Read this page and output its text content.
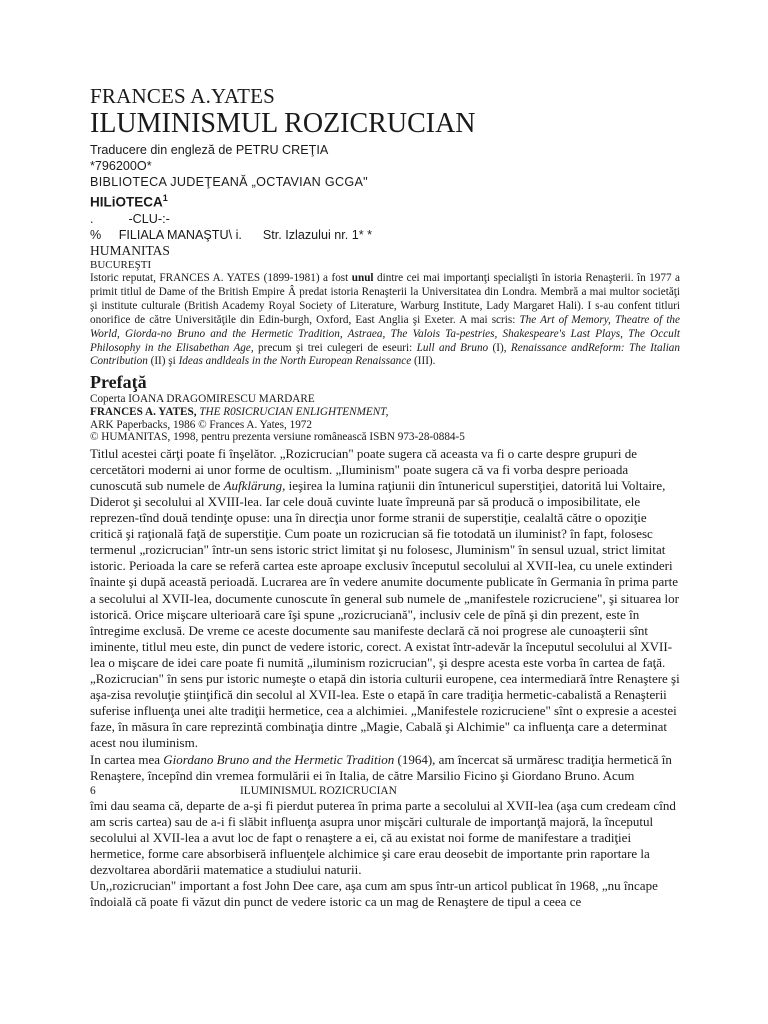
FRANCES A.YATES
ILUMINISMUL ROZICRUCIAN
Traducere din engleză de PETRU CREŢIA
*796200O*
BIBLIOTECA JUDEŢEANĂ „OCTAVIAN GCGA"
HILiOTECA$^1$
.          -CLU-:-
%     FILIALA MANAŞTU\ i.      Str. Izlazului nr. 1* *
HUMANITAS
BUCUREŞTI
Istoric reputat, FRANCES A. YATES (1899-1981) a fost unul dintre cei mai importanţi specialişti în istoria Renaşterii. în 1977 a primit titlul de Dame of the British Empire Â predat istoria Renaşterii la Universitatea din Londra. Membră a mai multor societăţi şi institute culturale (British Academy Royal Society of Literature, Warburg Institute, Lady Margaret Hali). I s-au confent titluri onorifice de către Universităţile din Edin-burgh, Oxford, East Anglia şi Exeter. A mai scris: The Art of Memory, Theatre of the World, Giorda-no Bruno and the Hermetic Tradition, Astraea, The Valois Ta-pestries, Shakespeare's Last Plays, The Occult Philosophy in the Elisabethan Age, precum şi trei culegeri de eseuri: Lull and Bruno (I), Renaissance andReform: The Italian Contribution (II) şi Ideas andldeals in the North European Renaissance (III).
Prefaţă
Coperta IOANA DRAGOMIRESCU MARDARE
FRANCES A. YATES, THE R0SICRUCIAN ENLIGHTENMENT,
ARK Paperbacks, 1986 © Frances A. Yates, 1972
© HUMANITAS, 1998, pentru prezenta versiune românească ISBN 973-28-0884-5

Titlul acestei cărţi poate fi înşelător. „Rozicrucian" poate sugera că aceasta va fi o carte despre grupuri de cercetători moderni ai unor forme de ocultism. „Iluminism" poate sugera că va fi vorba despre perioada cunoscută sub numele de Aufklärung, ieşirea la lumina raţiunii din întunericul superstiţiei, datorită lui Voltaire, Diderot şi secolului al XVIII-lea. Iar cele două cuvinte luate împreună par să producă o imposibilitate, ele reprezen-tînd două tendinţe opuse: una în direcţia unor forme stranii de superstiţie, cealaltă către o opoziţie critică şi raţională faţă de superstiţie. Cum poate un rozicrucian să fie totodată un iluminist? în fapt, folosesc termenul „rozicrucian" într-un sens istoric strict limitat şi nu folosesc, Jluminism" în sensul uzual, strict limitat istoric. Perioada la care se referă cartea este aproape exclusiv începutul secolului al XVII-lea, cu unele extinderi înainte şi după această perioadă. Lucrarea are în vedere anumite documente publicate în Germania în prima parte a secolului al XVII-lea, documente cunoscute în general sub numele de „manifestele rozicruciene", şi situarea lor istorică. Orice mişcare ulterioară care îşi spune „rozicruciană", inclusiv cele de pînă şi din prezent, este în întregime exclusă. De vreme ce aceste documente sau manifeste declară că noi progrese ale cunoaşterii sînt iminente, titlul meu este, din punct de vedere istoric, corect. A existat într-adevăr la începutul secolului al XVII-lea o mişcare de idei care poate fi numită „iluminism rozicrucian", şi despre acesta este vorba în cartea de faţă.

„Rozicrucian" în sens pur istoric numeşte o etapă din istoria culturii europene, cea intermediară între Renaştere şi aşa-zisa revoluţie ştiinţifică din secolul al XVII-lea. Este o etapă în care tradiţia hermetic-cabalistă a Renaşterii suferise influenţa unei alte tradiţii hermetice, cea a alchimiei. „Manifestele rozicruciene" sînt o expresie a acestei faze, în măsura în care reprezintă combinaţia dintre „Magie, Cabală şi Alchimie" ca influenţa care a determinat acest nou iluminism.

In cartea mea Giordano Bruno and the Hermetic Tradition (1964), am încercat să urmăresc tradiţia hermetică în Renaştere, începînd din vremea formulării ei în Italia, de către Marsilio Ficino şi Giordano Bruno. Acum

6	ILUMINISMUL ROZICRUCIAN

îmi dau seama că, departe de a-şi fi pierdut puterea în prima parte a secolului al XVII-lea (aşa cum credeam cînd am scris cartea) sau de a-i fi slăbit influenţa asupra unor mişcări culturale de importanţă majoră, la începutul secolului al XVII-lea a avut loc de fapt o renaştere a ei, că au existat noi forme de manifestare a tradiţiei hermetice, forme care absorbiseră influenţele alchimice şi care erau deosebit de importante prin raportare la dezvoltarea abordării matematice a studiului naturii.

Un,,rozicrucian" important a fost John Dee care, aşa cum am spus într-un articol publicat în 1968, „nu încape îndoială că poate fi văzut din punct de vedere istoric ca un mag de Renaştere de tipul a ceea ce
